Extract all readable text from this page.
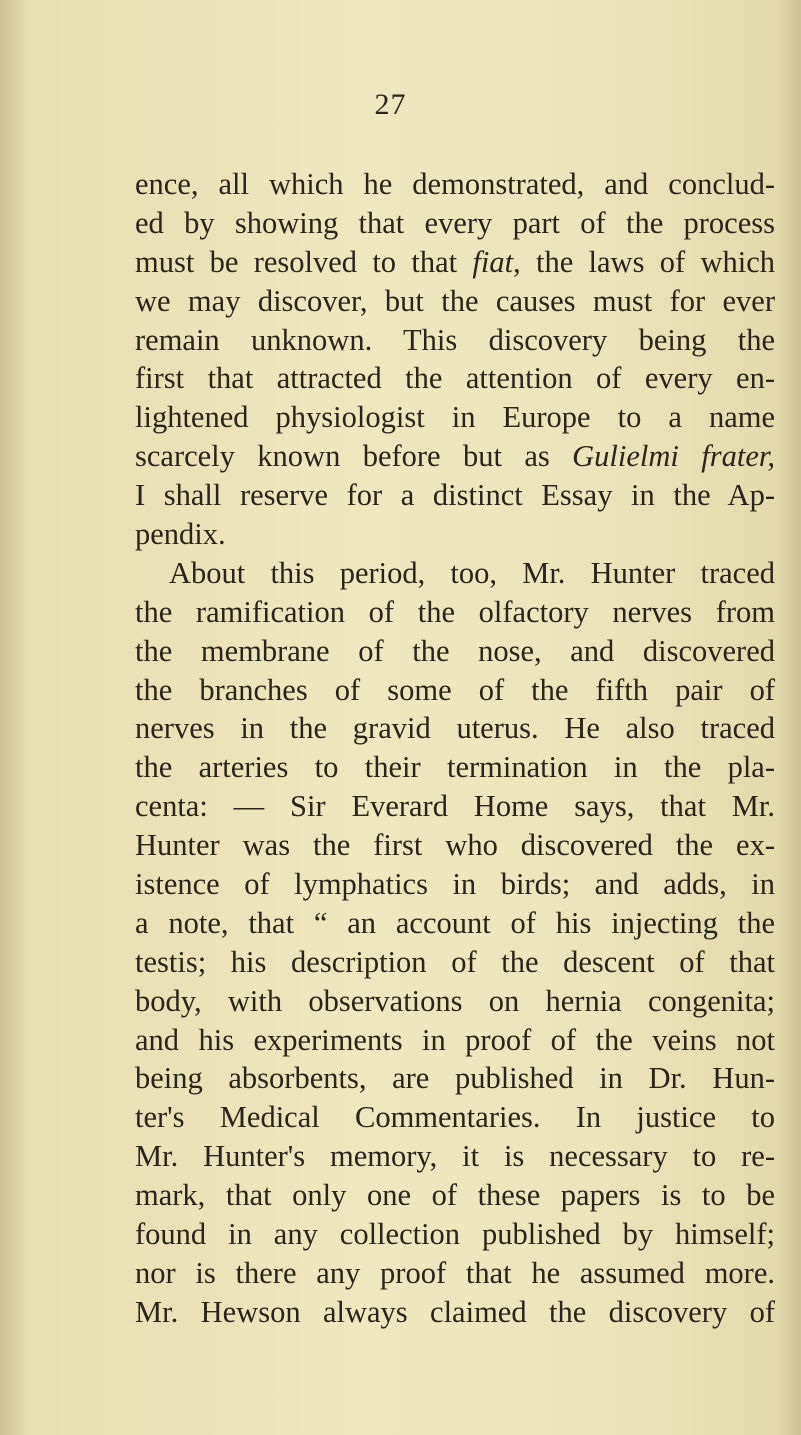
27
ence, all which he demonstrated, and conclud-
ed by showing that every part of the process
must be resolved to that fiat, the laws of which
we may discover, but the causes must for ever
remain unknown. This discovery being the
first that attracted the attention of every en-
lightened physiologist in Europe to a name
scarcely known before but as Gulielmi frater,
I shall reserve for a distinct Essay in the Ap-
pendix.
About this period, too, Mr. Hunter traced
the ramification of the olfactory nerves from
the membrane of the nose, and discovered
the branches of some of the fifth pair of
nerves in the gravid uterus. He also traced
the arteries to their termination in the pla-
centa: — Sir Everard Home says, that Mr.
Hunter was the first who discovered the ex-
istence of lymphatics in birds; and adds, in
a note, that “ an account of his injecting the
testis; his description of the descent of that
body, with observations on hernia congenita;
and his experiments in proof of the veins not
being absorbents, are published in Dr. Hun-
ter's Medical Commentaries. In justice to
Mr. Hunter's memory, it is necessary to re-
mark, that only one of these papers is to be
found in any collection published by himself;
nor is there any proof that he assumed more.
Mr. Hewson always claimed the discovery of
